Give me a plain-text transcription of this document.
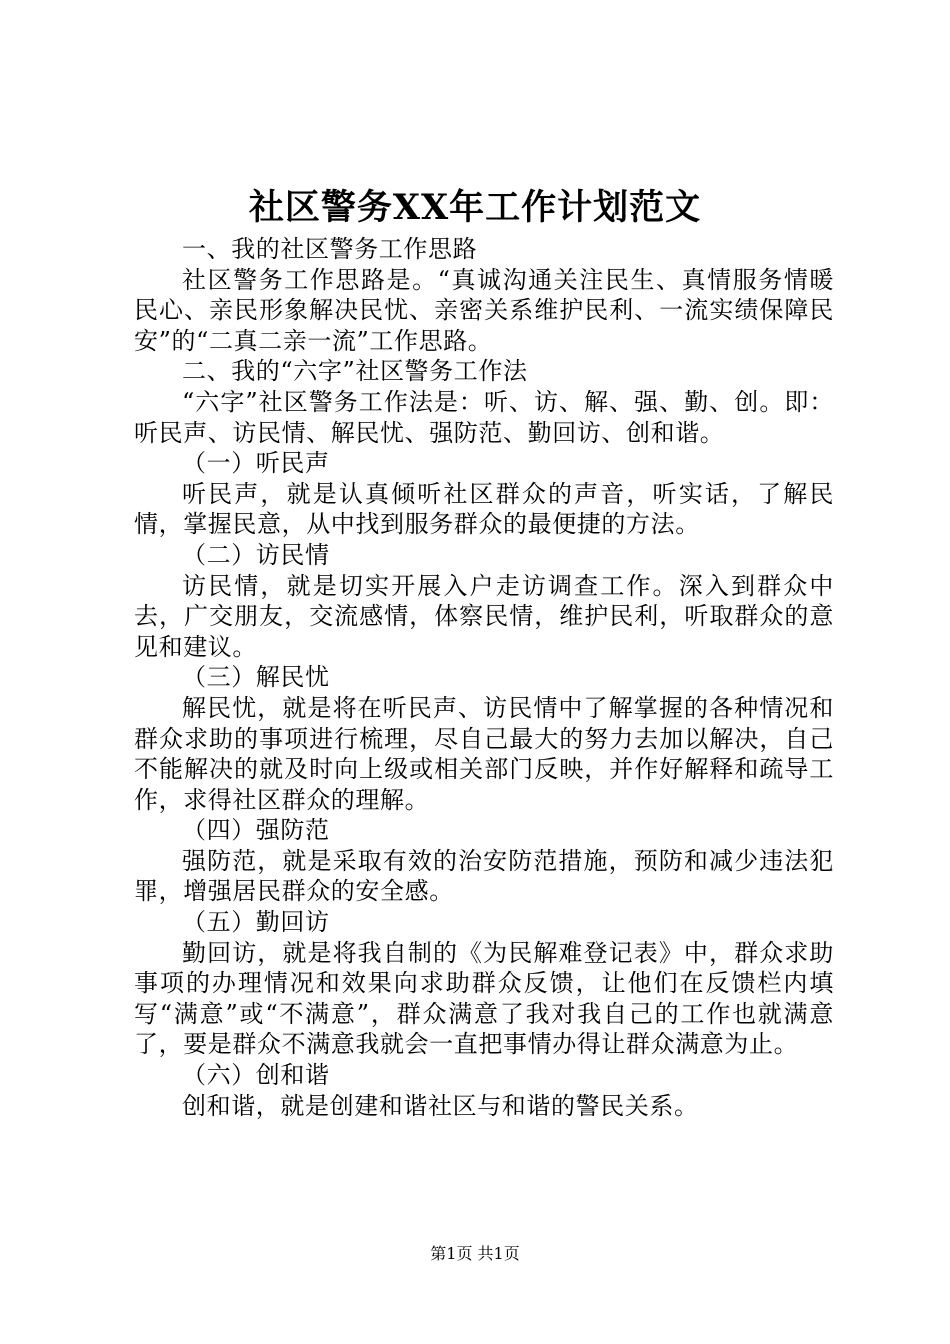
社区警务XX年工作计划范文

一、我的社区警务工作思路

社区警务工作思路是。“真诚沟通关注民生、真情服务情暖民心、亲民形象解决民忧、亲密关系维护民利、一流实绩保障民安”的“二真二亲一流”工作思路。

二、我的“六字”社区警务工作法

“六字”社区警务工作法是：听、访、解、强、勤、创。即：听民声、访民情、解民忧、强防范、勤回访、创和谐。

（一）听民声

听民声，就是认真倾听社区群众的声音，听实话，了解民情，掌握民意，从中找到服务群众的最便捷的方法。

（二）访民情

访民情，就是切实开展入户走访调查工作。深入到群众中去，广交朋友，交流感情，体察民情，维护民利，听取群众的意见和建议。

（三）解民忧

解民忧，就是将在听民声、访民情中了解掌握的各种情况和群众求助的事项进行梳理，尽自己最大的努力去加以解决，自己不能解决的就及时向上级或相关部门反映，并作好解释和疏导工作，求得社区群众的理解。

（四）强防范

强防范，就是采取有效的治安防范措施，预防和减少违法犯罪，增强居民群众的安全感。

（五）勤回访

勤回访，就是将我自制的《为民解难登记表》中，群众求助事项的办理情况和效果向求助群众反馈，让他们在反馈栏内填写“满意”或“不满意”，群众满意了我对我自己的工作也就满意了，要是群众不满意我就会一直把事情办得让群众满意为止。

（六）创和谐

创和谐，就是创建和谐社区与和谐的警民关系。

第1页 共1页
